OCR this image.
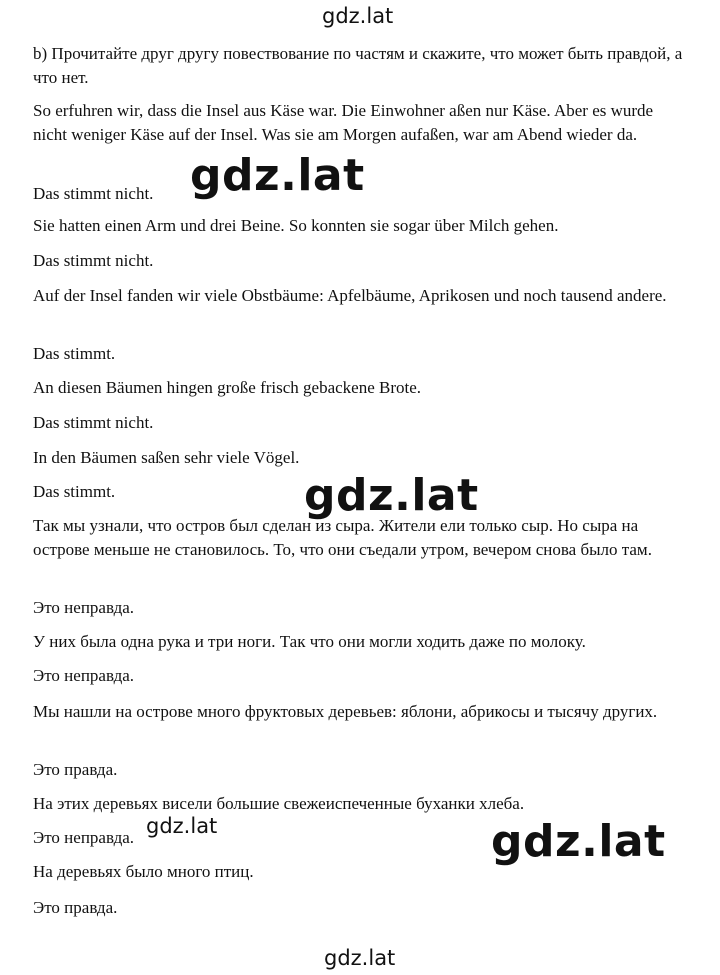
gdz.lat

b) Прочитайте друг другу повествование по частям и скажите, что может быть правдой, а что нет.

So erfuhren wir, dass die Insel aus Käse war. Die Einwohner aßen nur Käse. Aber es wurde nicht weniger Käse auf der Insel. Was sie am Morgen aufaßen, war am Abend wieder da.

Das stimmt nicht.

Sie hatten einen Arm und drei Beine. So konnten sie sogar über Milch gehen.

Das stimmt nicht.

Auf der Insel fanden wir viele Obstbäume: Apfelbäume, Aprikosen und noch tausend andere.

Das stimmt.

An diesen Bäumen hingen große frisch gebackene Brote.

Das stimmt nicht.

In den Bäumen saßen sehr viele Vögel.

Das stimmt.

Так мы узнали, что остров был сделан из сыра. Жители ели только сыр. Но сыра на острове меньше не становилось. То, что они съедали утром, вечером снова было там.

Это неправда.

У них была одна рука и три ноги. Так что они могли ходить даже по молоку.

Это неправда.

Мы нашли на острове много фруктовых деревьев: яблони, абрикосы и тысячу других.

Это правда.

На этих деревьях висели большие свежеиспеченные буханки хлеба.

Это неправда.

На деревьях было много птиц.

Это правда.

gdz.lat
gdz.lat
gdz.lat	gdz.lat
gdz.lat
